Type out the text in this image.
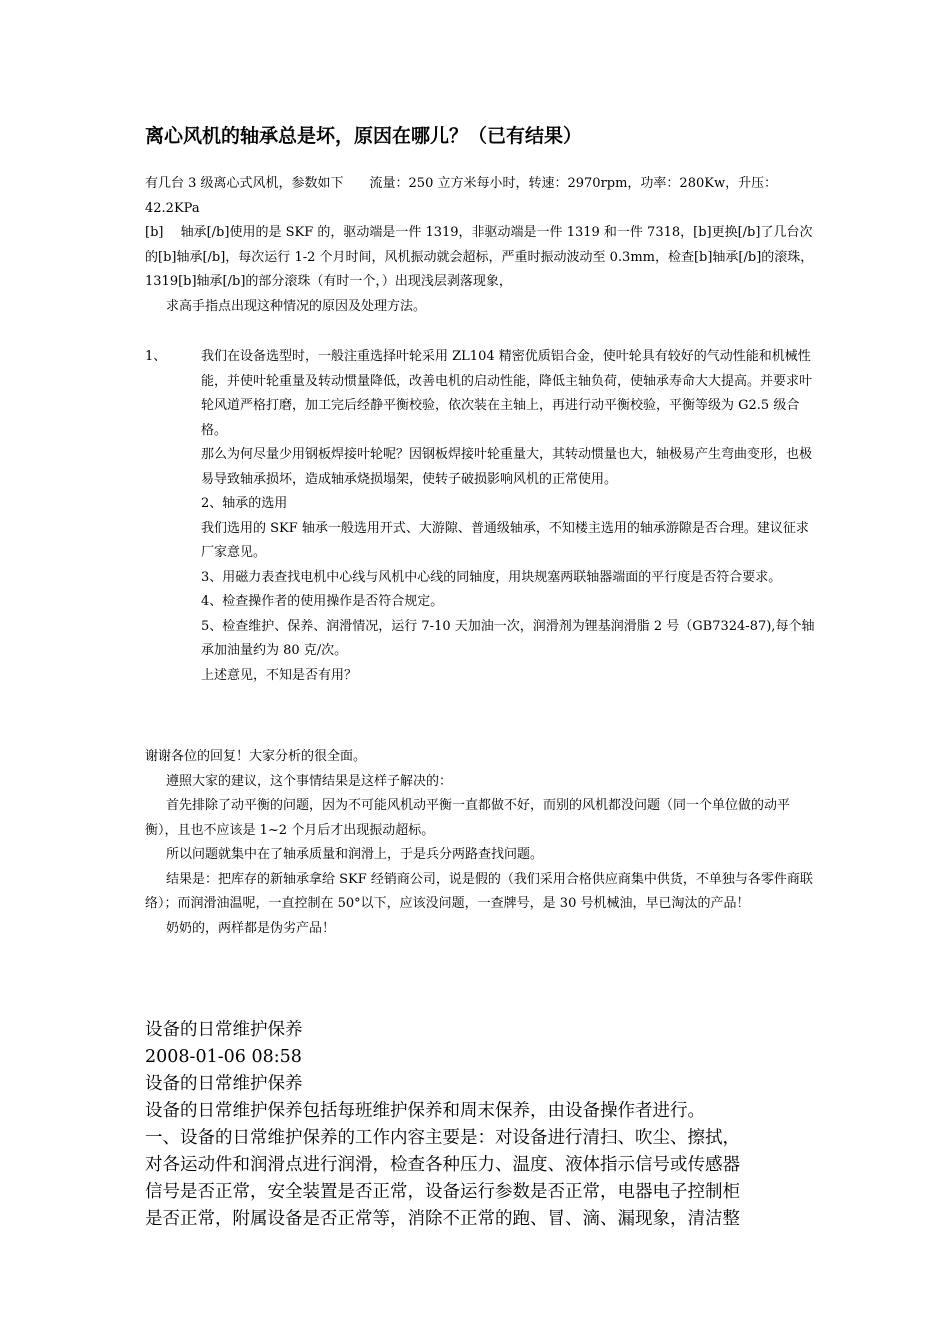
离心风机的轴承总是坏，原因在哪儿？（已有结果）

有几台 3 级离心式风机，参数如下　　流量：250 立方米每小时，转速：2970rpm，功率：280Kw，升压：42.2KPa

[b]　 轴承[/b]使用的是 SKF 的，驱动端是一件 1319，非驱动端是一件 1319 和一件 7318，[b]更换[/b]了几台次的[b]轴承[/b]，每次运行 1-2 个月时间，风机振动就会超标，严重时振动波动至 0.3mm，检查[b]轴承[/b]的滚珠，1319[b]轴承[/b]的部分滚珠（有时一个，）出现浅层剥落现象，

求高手指点出现这种情况的原因及处理方法。

1、	我们在设备选型时，一般注重选择叶轮采用 ZL104 精密优质铝合金，使叶轮具有较好的气动性能和机械性能，并使叶轮重量及转动惯量降低，改善电机的启动性能，降低主轴负荷，使轴承寿命大大提高。并要求叶轮风道严格打磨，加工完后经静平衡校验，依次装在主轴上，再进行动平衡校验，平衡等级为 G2.5 级合格。

那么为何尽量少用钢板焊接叶轮呢？因钢板焊接叶轮重量大，其转动惯量也大，轴极易产生弯曲变形，也极易导致轴承损坏，造成轴承烧损塌架，使转子破损影响风机的正常使用。

2、轴承的选用

我们选用的 SKF 轴承一般选用开式、大游隙、普通级轴承，不知楼主选用的轴承游隙是否合理。建议征求厂家意见。

3、用磁力表查找电机中心线与风机中心线的同轴度，用块规塞两联轴器端面的平行度是否符合要求。

4、检查操作者的使用操作是否符合规定。

5、检查维护、保养、润滑情况，运行 7-10 天加油一次，润滑剂为锂基润滑脂 2 号（GB7324-87),每个轴承加油量约为 80 克/次。

上述意见，不知是否有用？

谢谢各位的回复！大家分析的很全面。

遵照大家的建议，这个事情结果是这样子解决的：

首先排除了动平衡的问题，因为不可能风机动平衡一直都做不好，而别的风机都没问题（同一个单位做的动平衡），且也不应该是 1~2 个月后才出现振动超标。

所以问题就集中在了轴承质量和润滑上，于是兵分两路查找问题。

结果是：把库存的新轴承拿给 SKF 经销商公司，说是假的（我们采用合格供应商集中供货，不单独与各零件商联络）；而润滑油温呢，一直控制在 50°以下，应该没问题，一查牌号，是 30 号机械油，早已淘汰的产品！

奶奶的，两样都是伪劣产品！

设备的日常维护保养

2008-01-06 08:58

设备的日常维护保养

设备的日常维护保养包括每班维护保养和周末保养，由设备操作者进行。

一、设备的日常维护保养的工作内容主要是：对设备进行清扫、吹尘、擦拭，

对各运动件和润滑点进行润滑，检查各种压力、温度、液体指示信号或传感器

信号是否正常，安全装置是否正常，设备运行参数是否正常，电器电子控制柜

是否正常，附属设备是否正常等，消除不正常的跑、冒、滴、漏现象，清洁整
